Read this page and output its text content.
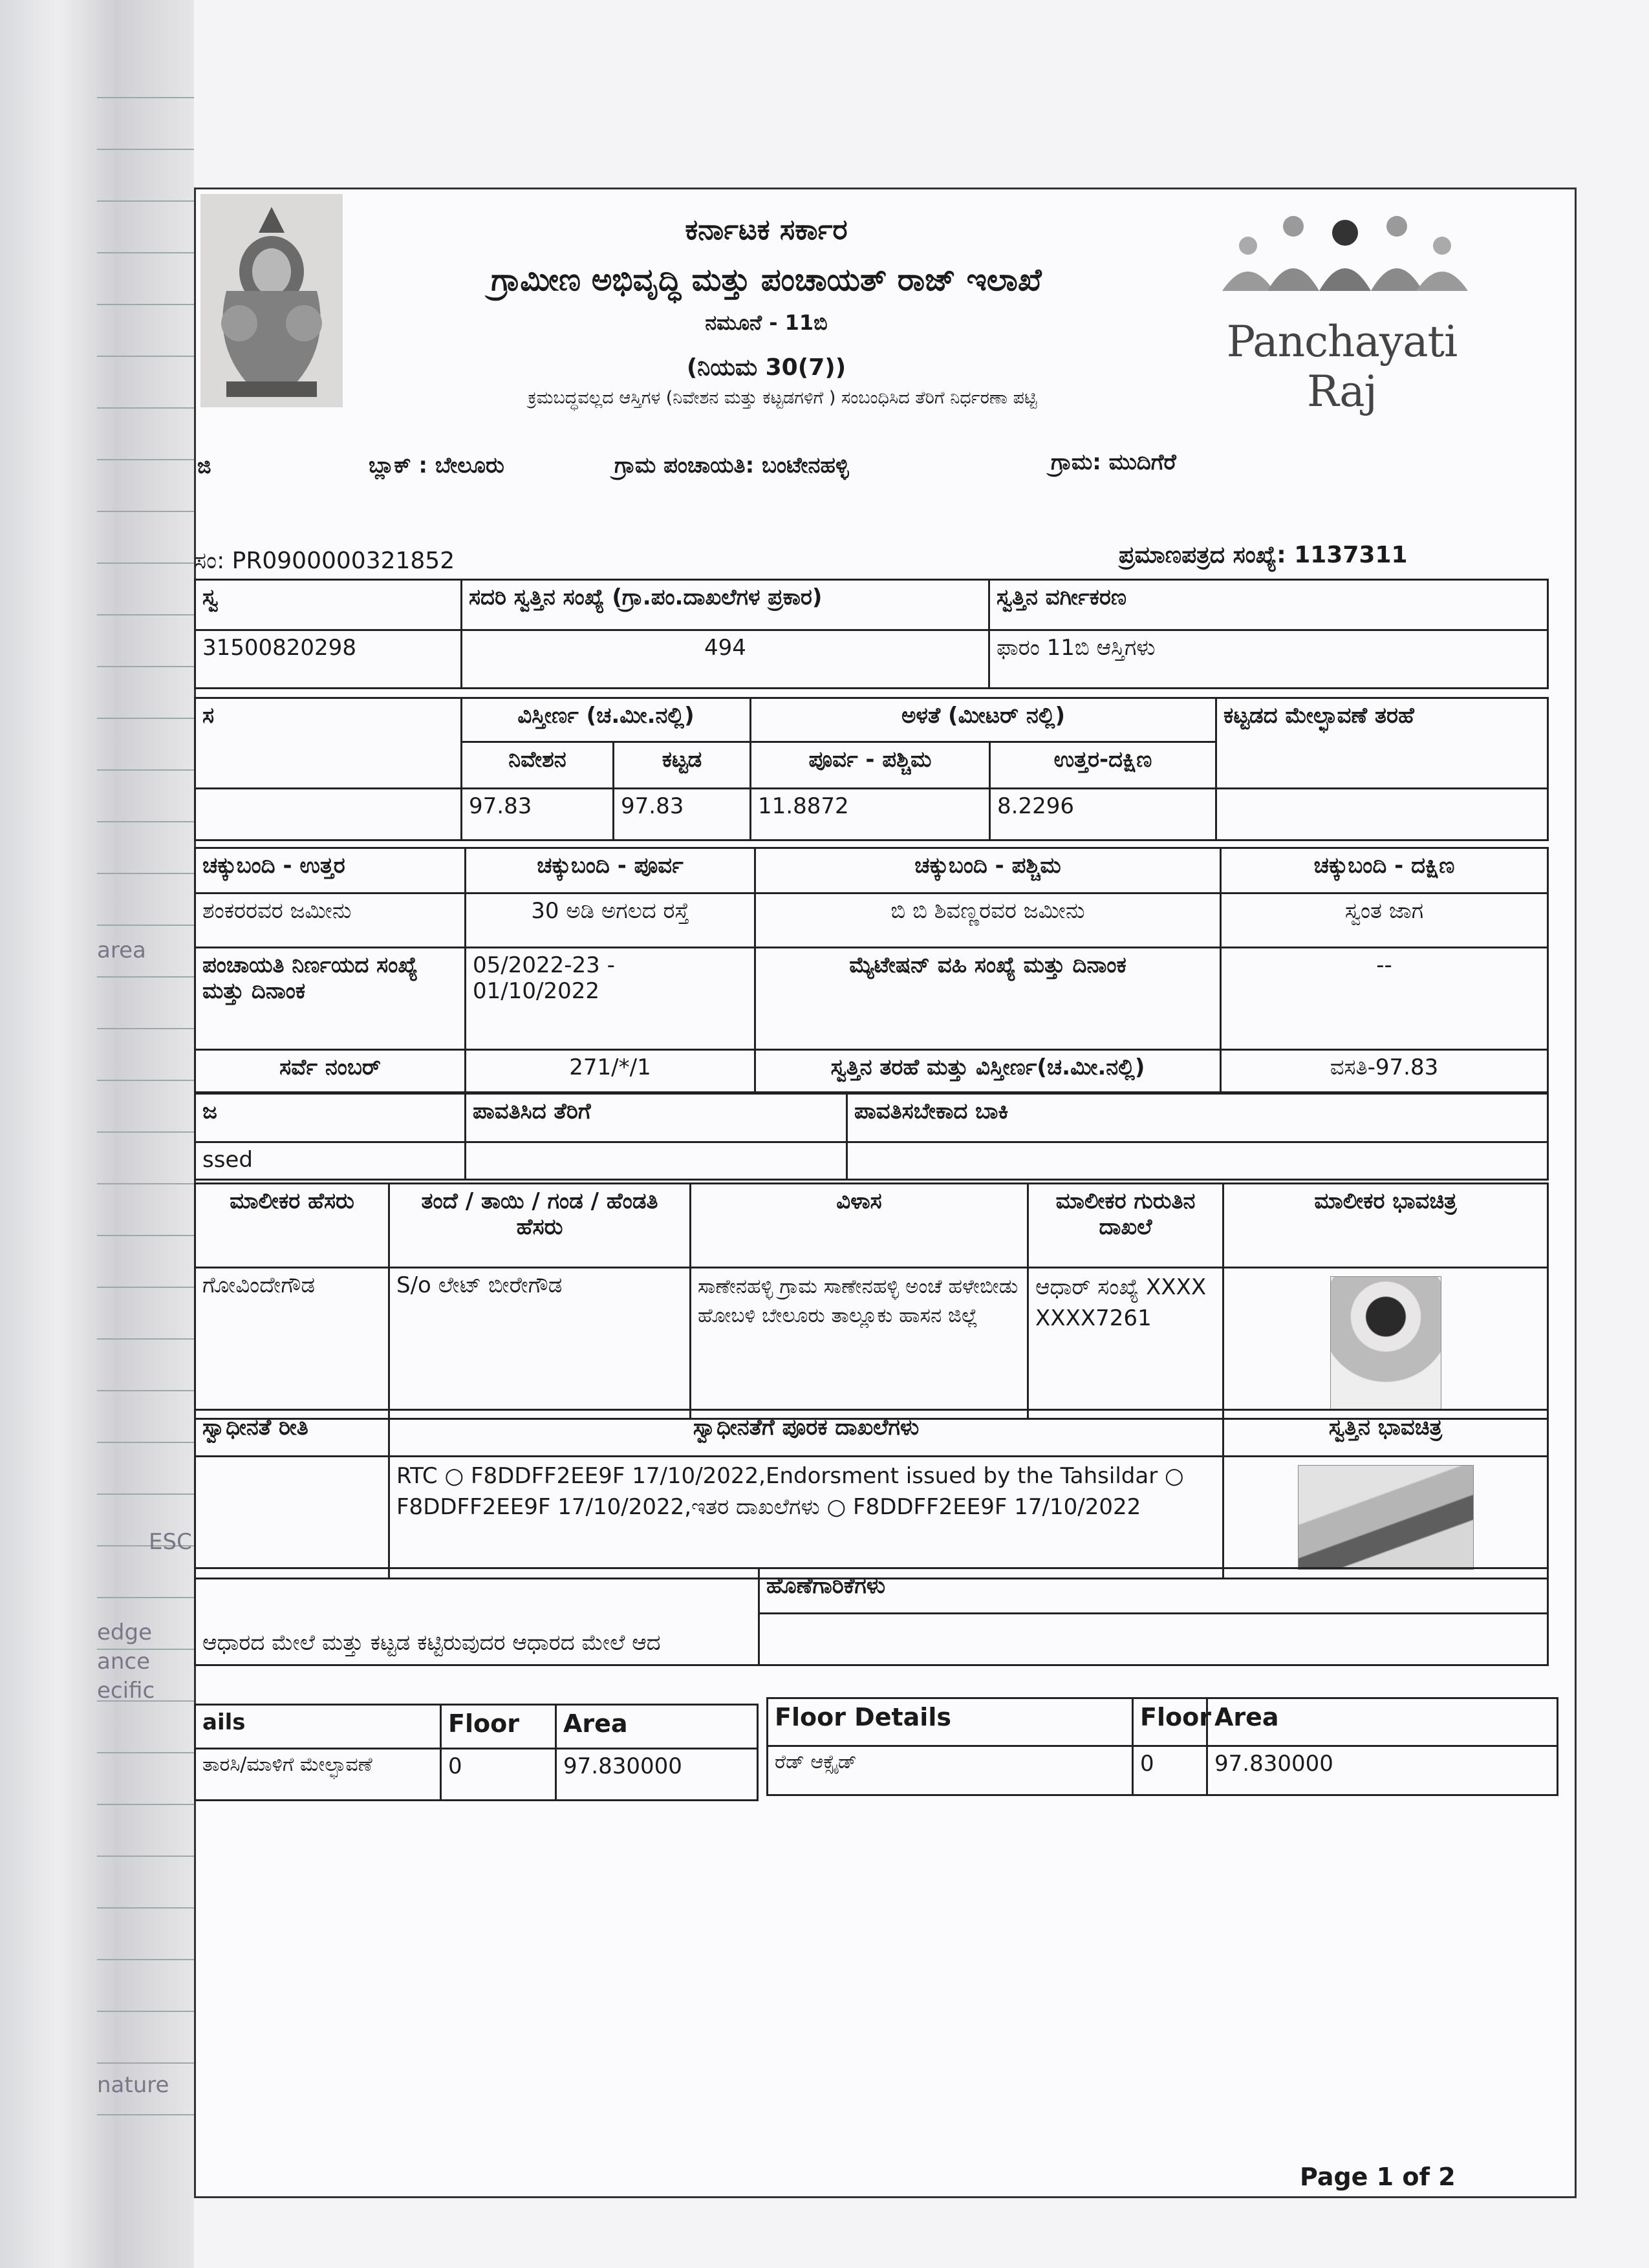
area
ESC
edge
ance
ecific
nature
ಕರ್ನಾಟಕ ಸರ್ಕಾರ
ಗ್ರಾಮೀಣ ಅಭಿವೃದ್ಧಿ ಮತ್ತು ಪಂಚಾಯತ್ ರಾಜ್ ಇಲಾಖೆ
ನಮೂನೆ - 11ಬಿ
(ನಿಯಮ 30(7))
ಕ್ರಮಬದ್ಧವಲ್ಲದ ಆಸ್ತಿಗಳ (ನಿವೇಶನ ಮತ್ತು ಕಟ್ಟಡಗಳಿಗೆ ) ಸಂಬಂಧಿಸಿದ ತೆರಿಗೆ ನಿರ್ಧರಣಾ ಪಟ್ಟಿ
Panchayati Raj
ಜಿ	ಬ್ಲಾಕ್ : ಬೇಲೂರು	ಗ್ರಾಮ ಪಂಚಾಯತಿ: ಬಂಟೇನಹಳ್ಳಿ	ಗ್ರಾಮ: ಮುದಿಗೆರೆ
ಸಂ: PR0900000321852	ಪ್ರಮಾಣಪತ್ರದ ಸಂಖ್ಯೆ: 1137311
ಸ್ವ	ಸದರಿ ಸ್ವತ್ತಿನ ಸಂಖ್ಯೆ (ಗ್ರಾ.ಪಂ.ದಾಖಲೆಗಳ ಪ್ರಕಾರ)	ಸ್ವತ್ತಿನ ವರ್ಗೀಕರಣ
31500820298	494	ಫಾರಂ 11ಬಿ ಆಸ್ತಿಗಳು
ಸ	ವಿಸ್ತೀರ್ಣ (ಚ.ಮೀ.ನಲ್ಲಿ)		ಅಳತೆ (ಮೀಟರ್ ನಲ್ಲಿ)		ಕಟ್ಟಡದ ಮೇಲ್ಛಾವಣೆ ತರಹೆ
	ನಿವೇಶನ	ಕಟ್ಟಡ	ಪೂರ್ವ - ಪಶ್ಚಿಮ	ಉತ್ತರ-ದಕ್ಷಿಣ	
	97.83	97.83	11.8872	8.2296	
ಚಕ್ಕುಬಂದಿ - ಉತ್ತರ	ಚಕ್ಕುಬಂದಿ - ಪೂರ್ವ	ಚಕ್ಕುಬಂದಿ - ಪಶ್ಚಿಮ	ಚಕ್ಕುಬಂದಿ - ದಕ್ಷಿಣ
ಶಂಕರರವರ ಜಮೀನು	30 ಅಡಿ ಅಗಲದ ರಸ್ತೆ	ಬಿ ಬಿ ಶಿವಣ್ಣರವರ ಜಮೀನು	ಸ್ವಂತ ಜಾಗ
ಪಂಚಾಯತಿ ನಿರ್ಣಯದ ಸಂಖ್ಯೆ ಮತ್ತು ದಿನಾಂಕ	05/2022-23 - 01/10/2022	ಮ್ಯೆಟೇಷನ್ ವಹಿ ಸಂಖ್ಯೆ ಮತ್ತು ದಿನಾಂಕ	--
ಸರ್ವೆ ನಂಬರ್	271/*/1	ಸ್ವತ್ತಿನ ತರಹೆ ಮತ್ತು ವಿಸ್ತೀರ್ಣ(ಚ.ಮೀ.ನಲ್ಲಿ)	ವಸತಿ-97.83
ಜ	ಪಾವತಿಸಿದ ತೆರಿಗೆ	ಪಾವತಿಸಬೇಕಾದ ಬಾಕಿ
ssed		
ಮಾಲೀಕರ ಹೆಸರು	ತಂದೆ / ತಾಯಿ / ಗಂಡ / ಹೆಂಡತಿ ಹೆಸರು	ವಿಳಾಸ	ಮಾಲೀಕರ ಗುರುತಿನ ದಾಖಲೆ	ಮಾಲೀಕರ ಭಾವಚಿತ್ರ
ಗೋವಿಂದೇಗೌಡ	S/o ಲೇಟ್ ಬೀರೇಗೌಡ	ಸಾಣೇನಹಳ್ಳಿ ಗ್ರಾಮ ಸಾಣೇನಹಳ್ಳಿ ಅಂಚೆ ಹಳೇಬೀಡು ಹೋಬಳಿ ಬೇಲೂರು ತಾಲ್ಲೂಕು ಹಾಸನ ಜಿಲ್ಲೆ	ಆಧಾರ್ ಸಂಖ್ಯೆ XXXXXXXX7261	
ಸ್ವಾಧೀನತೆ ರೀತಿ	ಸ್ವಾಧೀನತೆಗೆ ಪೂರಕ ದಾಖಲೆಗಳು	ಸ್ವತ್ತಿನ ಭಾವಚಿತ್ರ
	RTC ○ F8DDFF2EE9F 17/10/2022,Endorsment issued by the Tahsildar ○ F8DDFF2EE9F 17/10/2022,ಇತರ ದಾಖಲೆಗಳು ○ F8DDFF2EE9F 17/10/2022	
ಆಧಾರದ ಮೇಲೆ ಮತ್ತು ಕಟ್ಟಡ ಕಟ್ಟಿರುವುದರ ಆಧಾರದ ಮೇಲೆ ಆದ	ಹೊಣೆಗಾರಿಕೆಗಳು

ails	Floor	Area
ತಾರಸಿ/ಮಾಳಿಗೆ ಮೇಲ್ಛಾವಣೆ	0	97.830000
Floor Details	Floor	Area
ರೆಡ್ ಆಕ್ಸೈಡ್	0	97.830000
Page 1 of 2
